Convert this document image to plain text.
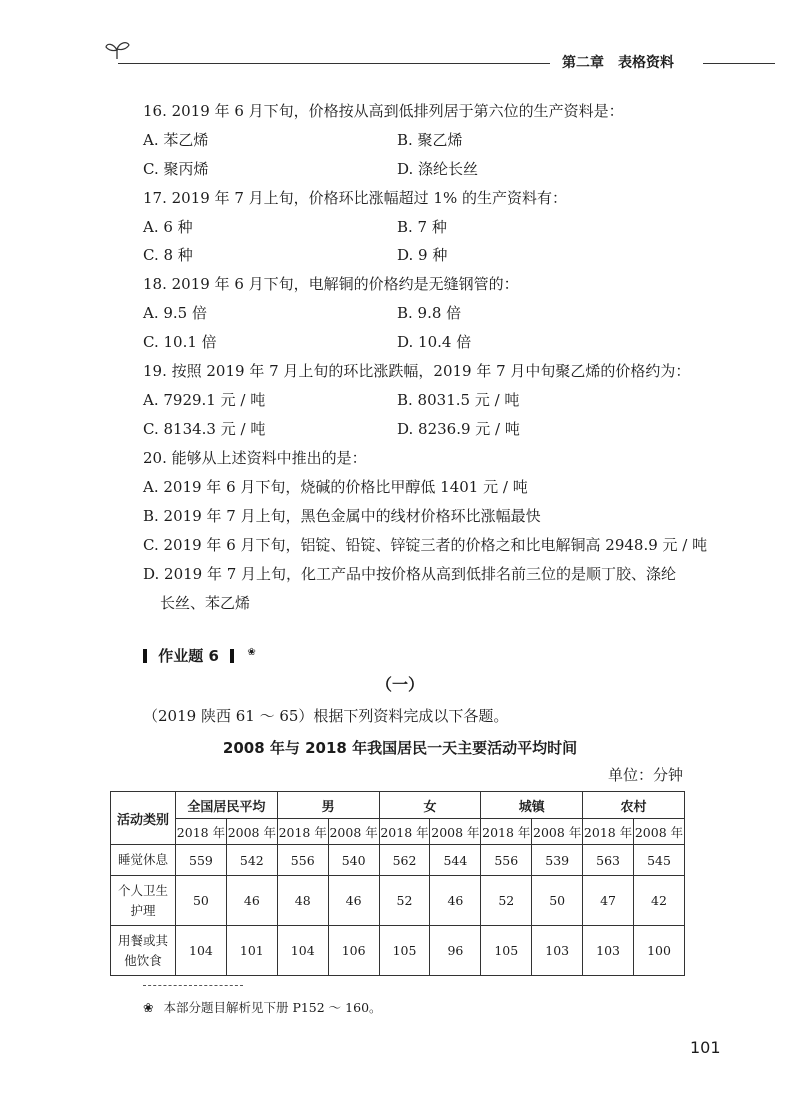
第二章 表格资料
16. 2019 年 6 月下旬，价格按从高到低排列居于第六位的生产资料是：
A. 苯乙烯	B. 聚乙烯
C. 聚丙烯	D. 涤纶长丝
17. 2019 年 7 月上旬，价格环比涨幅超过 1% 的生产资料有：
A. 6 种	B. 7 种
C. 8 种	D. 9 种
18. 2019 年 6 月下旬，电解铜的价格约是无缝钢管的：
A. 9.5 倍	B. 9.8 倍
C. 10.1 倍	D. 10.4 倍
19. 按照 2019 年 7 月上旬的环比涨跌幅，2019 年 7 月中旬聚乙烯的价格约为：
A. 7929.1 元 / 吨	B. 8031.5 元 / 吨
C. 8134.3 元 / 吨	D. 8236.9 元 / 吨
20. 能够从上述资料中推出的是：
A. 2019 年 6 月下旬，烧碱的价格比甲醇低 1401 元 / 吨
B. 2019 年 7 月上旬，黑色金属中的线材价格环比涨幅最快
C. 2019 年 6 月下旬，铝锭、铅锭、锌锭三者的价格之和比电解铜高 2948.9 元 / 吨
D. 2019 年 7 月上旬，化工产品中按价格从高到低排名前三位的是顺丁胶、涤纶
长丝、苯乙烯
作业题 6	❀
（一）
（2019 陕西 61 ～ 65）根据下列资料完成以下各题。
2008 年与 2018 年我国居民一天主要活动平均时间
单位：分钟
活动类别	全国居民平均		男		女		城镇		农村	
	2018 年	2008 年	2018 年	2008 年	2018 年	2008 年	2018 年	2008 年	2018 年	2008 年
睡觉休息	559	542	556	540	562	544	556	539	563	545

个人卫生
护理	50	46	48	46	52	46	52	50	47	42

用餐或其
他饮食	104	101	104	106	105	96	105	103	103	100
❀ 本部分题目解析见下册 P152 ～ 160。
101
